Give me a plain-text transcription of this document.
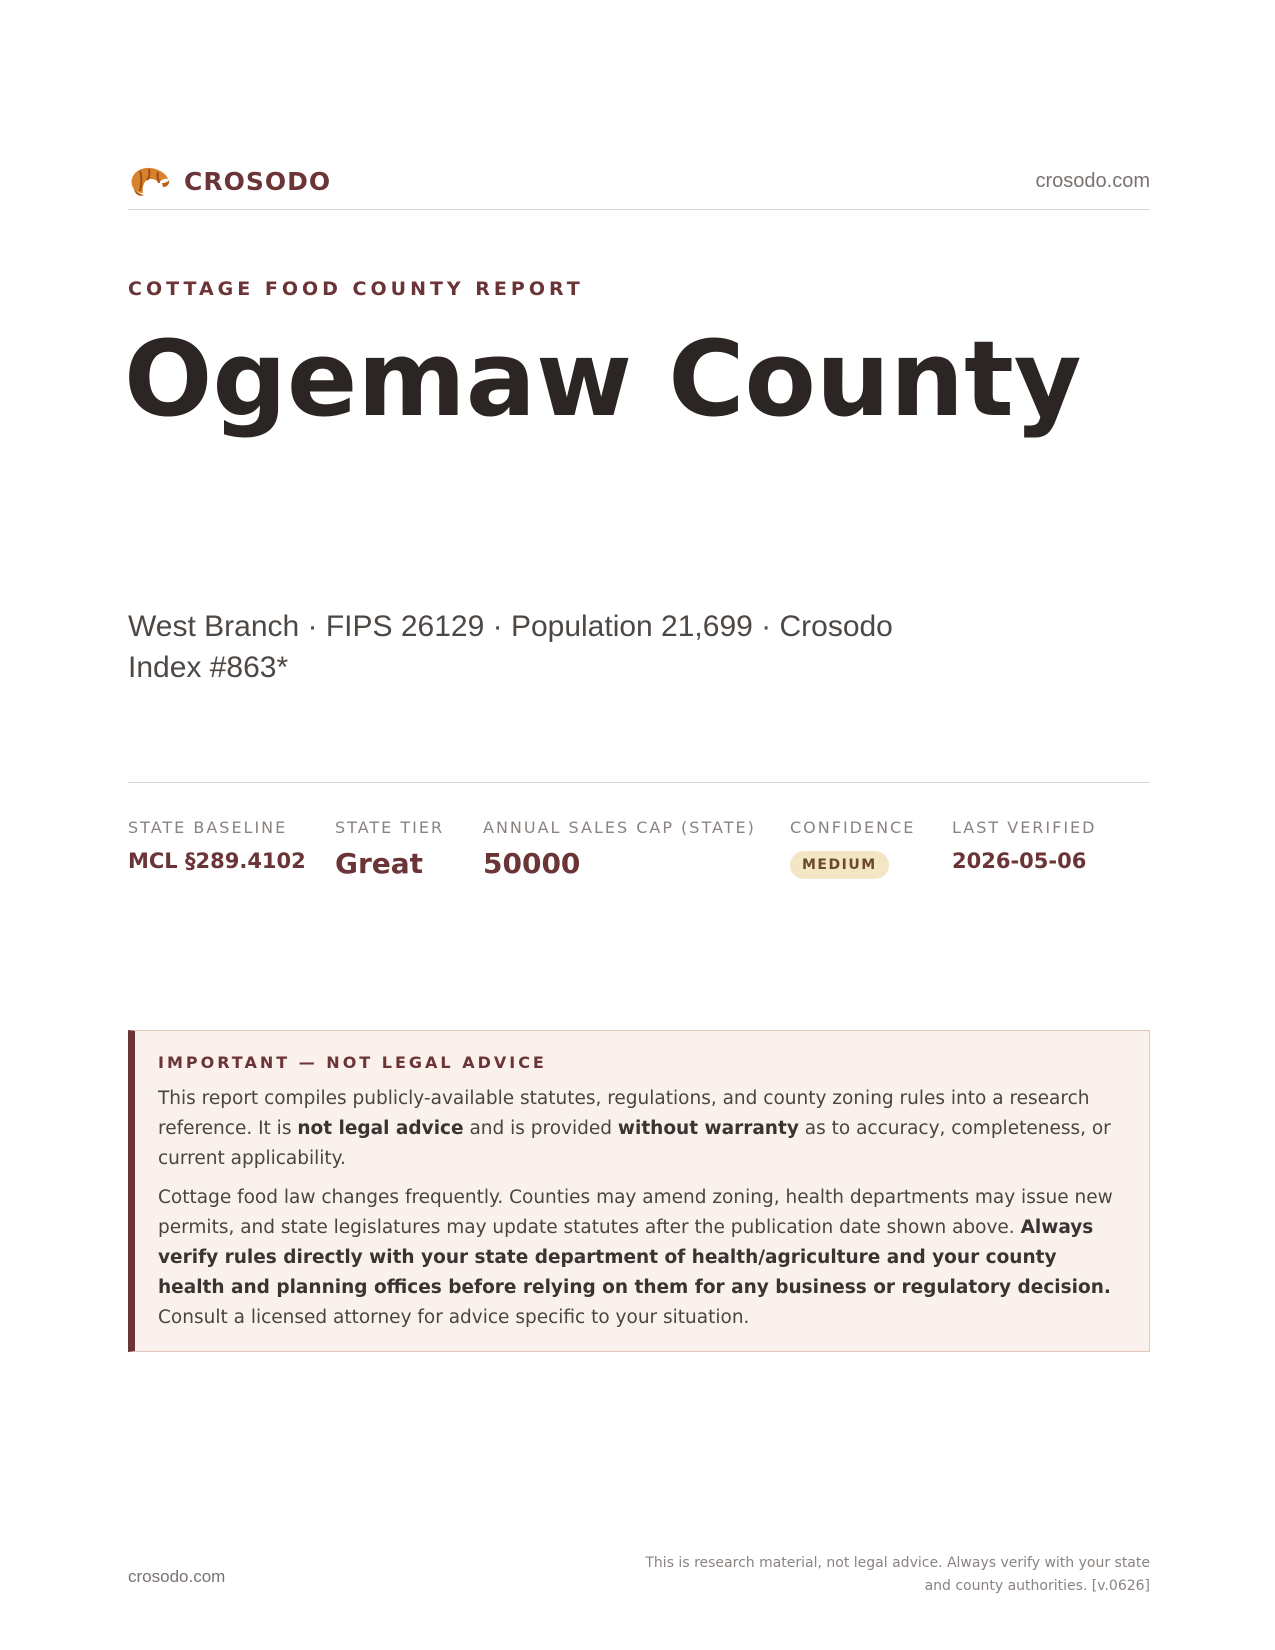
CROSODO	crosodo.com
COTTAGE FOOD COUNTY REPORT
Ogemaw County
West Branch · FIPS 26129 · Population 21,699 · Crosodo Index #863*
STATE BASELINE
MCL §289.4102
STATE TIER
Great
ANNUAL SALES CAP (STATE)
50000
CONFIDENCE
MEDIUM
LAST VERIFIED
2026-05-06
IMPORTANT — NOT LEGAL ADVICE

This report compiles publicly-available statutes, regulations, and county zoning rules into a research reference. It is not legal advice and is provided without warranty as to accuracy, completeness, or current applicability.

Cottage food law changes frequently. Counties may amend zoning, health departments may issue new permits, and state legislatures may update statutes after the publication date shown above. Always verify rules directly with your state department of health/agriculture and your county health and planning offices before relying on them for any business or regulatory decision. Consult a licensed attorney for advice specific to your situation.

crosodo.com
This is research material, not legal advice. Always verify with your state
and county authorities. [v.0626]
